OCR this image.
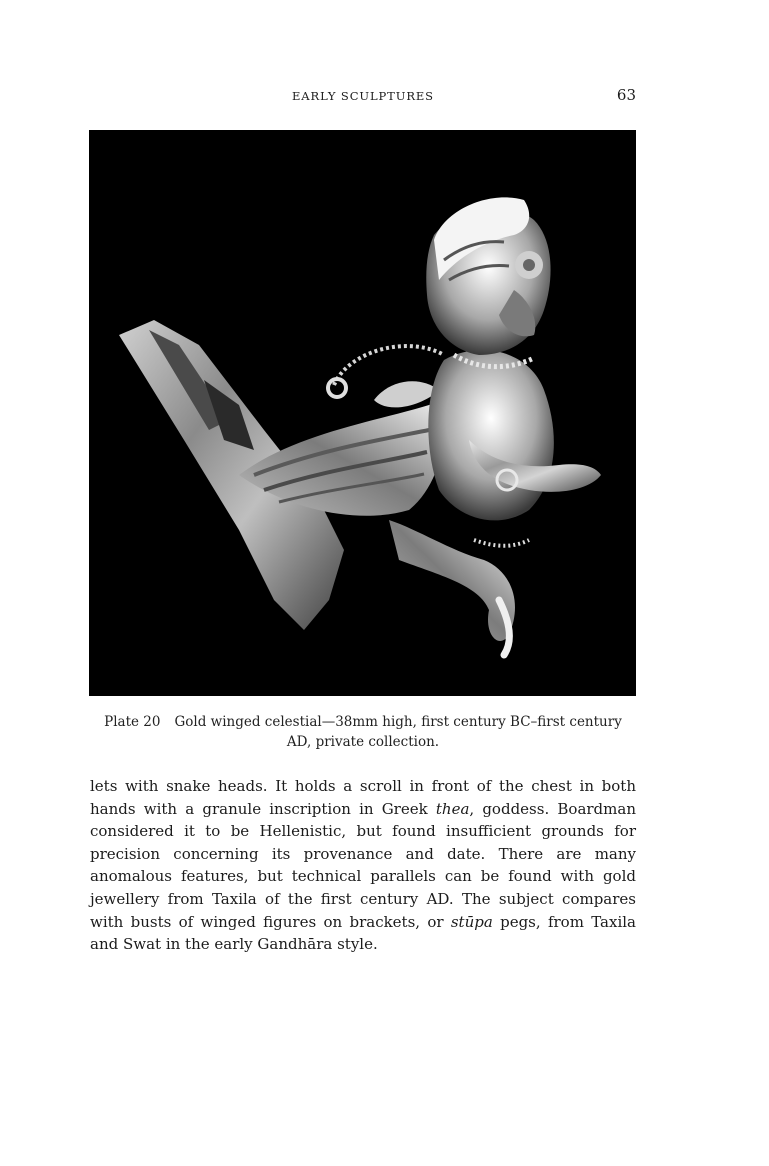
EARLY SCULPTURES	63
Plate 20 Gold winged celestial—38mm high, first century BC–first century AD, private collection.

lets with snake heads. It holds a scroll in front of the chest in both hands with a granule inscription in Greek thea, goddess. Boardman considered it to be Hellenistic, but found insufficient grounds for precision concerning its provenance and date. There are many anomalous features, but technical parallels can be found with gold jewellery from Taxila of the first century AD. The subject compares with busts of winged figures on brackets, or stūpa pegs, from Taxila and Swat in the early Gandhāra style.
